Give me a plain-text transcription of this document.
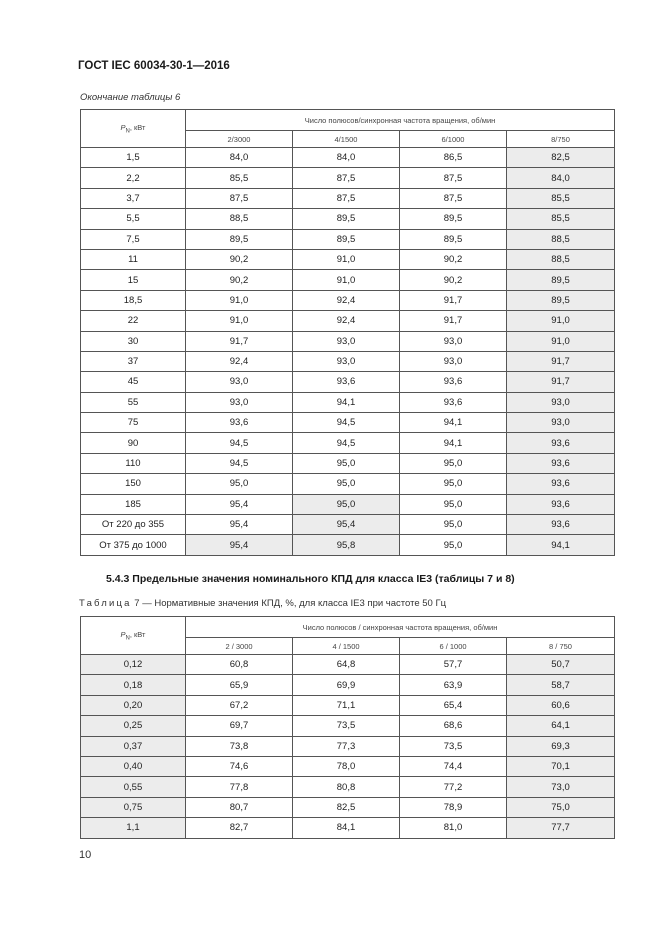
ГОСТ IEC 60034-30-1—2016
Окончание таблицы 6
$P_N$, кВт	Число полюсов/синхронная частота вращения, об/мин			
	2/3000	4/1500	6/1000	8/750
1,5	84,0	84,0	86,5	82,5
2,2	85,5	87,5	87,5	84,0
3,7	87,5	87,5	87,5	85,5
5,5	88,5	89,5	89,5	85,5
7,5	89,5	89,5	89,5	88,5
11	90,2	91,0	90,2	88,5
15	90,2	91,0	90,2	89,5
18,5	91,0	92,4	91,7	89,5
22	91,0	92,4	91,7	91,0
30	91,7	93,0	93,0	91,0
37	92,4	93,0	93,0	91,7
45	93,0	93,6	93,6	91,7
55	93,0	94,1	93,6	93,0
75	93,6	94,5	94,1	93,0
90	94,5	94,5	94,1	93,6
110	94,5	95,0	95,0	93,6
150	95,0	95,0	95,0	93,6
185	95,4	95,0	95,0	93,6
От 220 до 355	95,4	95,4	95,0	93,6
От 375 до 1000	95,4	95,8	95,0	94,1
5.4.3 Предельные значения номинального КПД для класса IE3 (таблицы 7 и 8)
Таблица 7 — Нормативные значения КПД, %, для класса IE3 при частоте 50 Гц
$P_N$, кВт	Число полюсов / синхронная частота вращения, об/мин			
	2 / 3000	4 / 1500	6 / 1000	8 / 750
0,12	60,8	64,8	57,7	50,7
0,18	65,9	69,9	63,9	58,7
0,20	67,2	71,1	65,4	60,6
0,25	69,7	73,5	68,6	64,1
0,37	73,8	77,3	73,5	69,3
0,40	74,6	78,0	74,4	70,1
0,55	77,8	80,8	77,2	73,0
0,75	80,7	82,5	78,9	75,0
1,1	82,7	84,1	81,0	77,7
10
